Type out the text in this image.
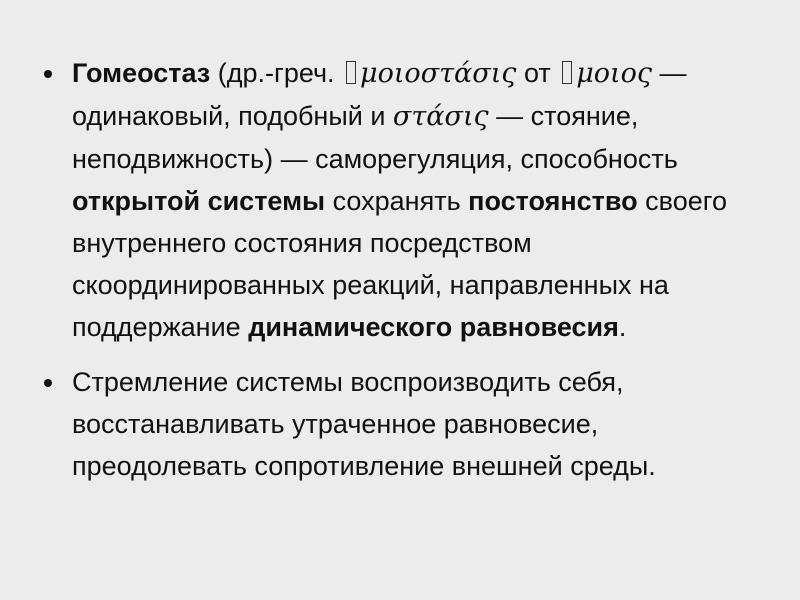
Гомеостаз (др.-греч. μοιοστάσις от μοιος — одинаковый, подобный и στάσις — стояние, неподвижность) — саморегуляция, способность открытой системы сохранять постоянство своего внутреннего состояния посредством скоординированных реакций, направленных на поддержание динамического равновесия.
Стремление системы воспроизводить себя, восстанавливать утраченное равновесие, преодолевать сопротивление внешней среды.
